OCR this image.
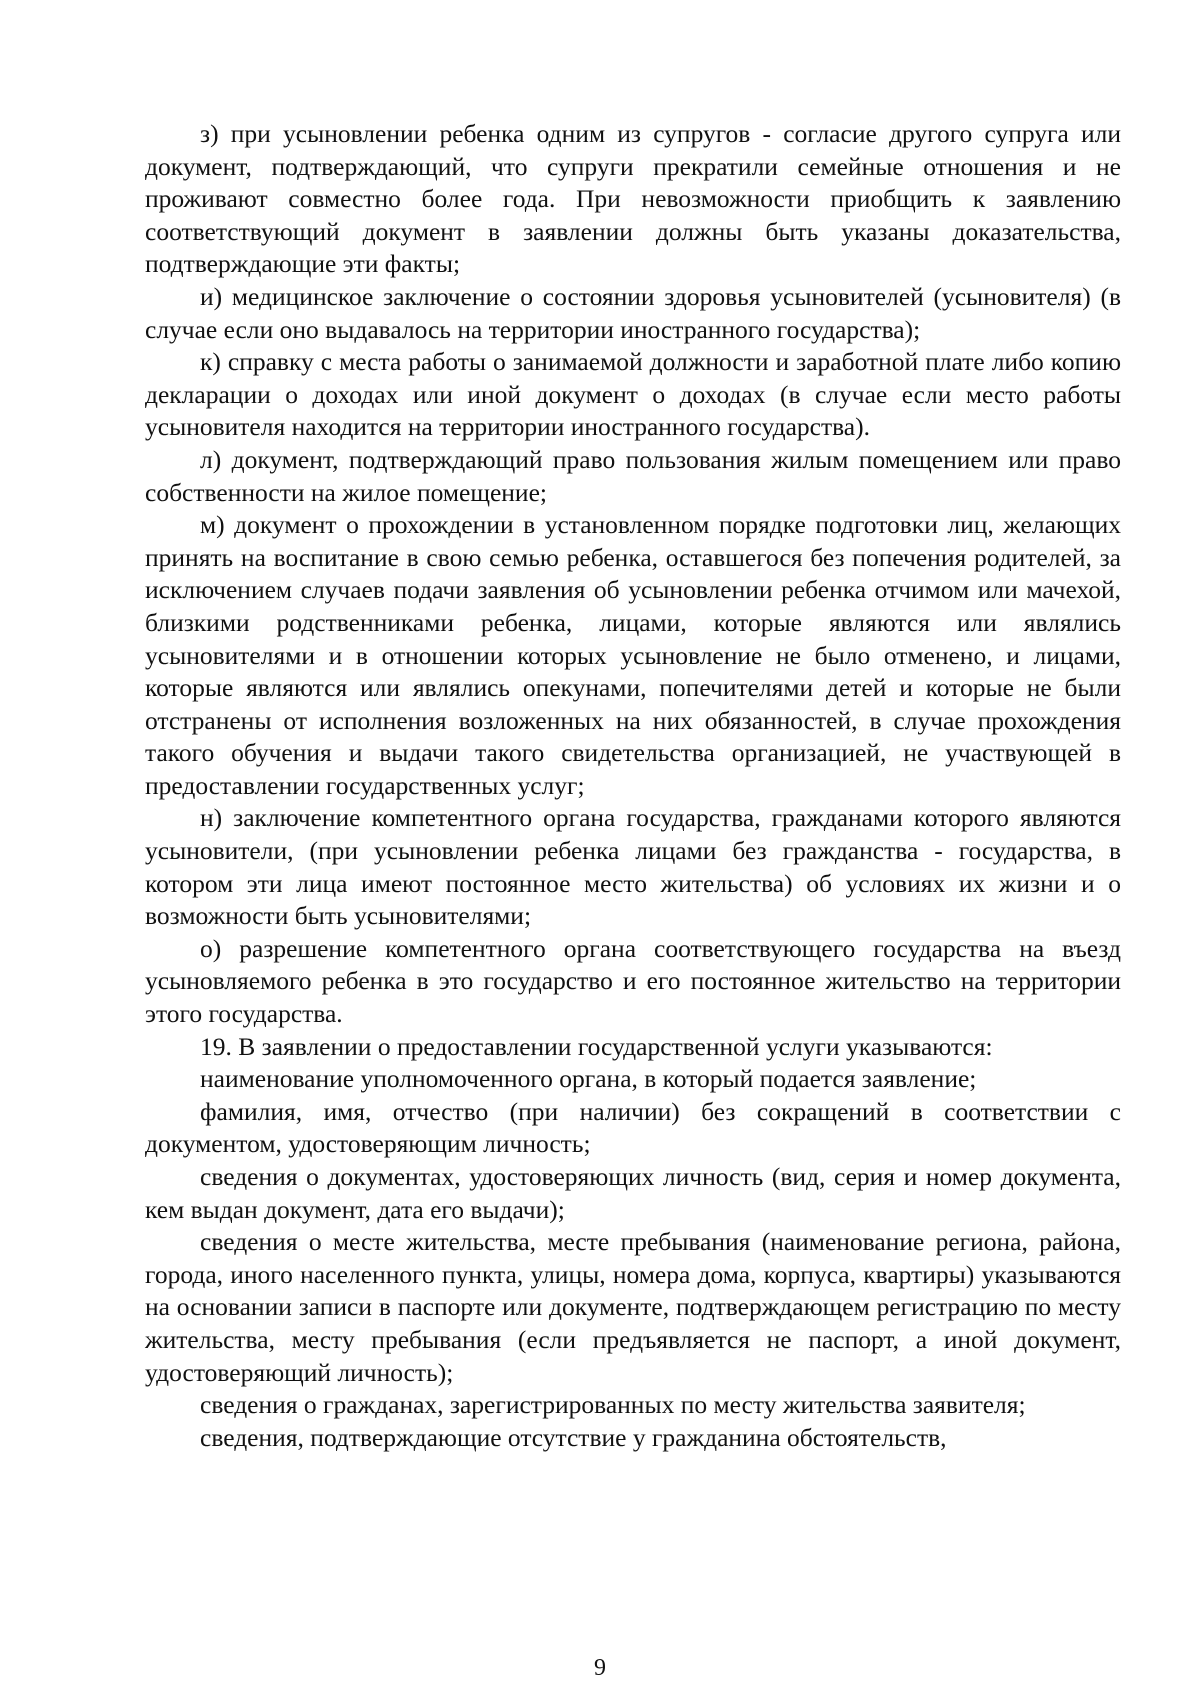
з) при усыновлении ребенка одним из супругов - согласие другого супруга или документ, подтверждающий, что супруги прекратили семейные отношения и не проживают совместно более года. При невозможности приобщить к заявлению соответствующий документ в заявлении должны быть указаны доказательства, подтверждающие эти факты;

и) медицинское заключение о состоянии здоровья усыновителей (усыновителя) (в случае если оно выдавалось на территории иностранного государства);

к) справку с места работы о занимаемой должности и заработной плате либо копию декларации о доходах или иной документ о доходах (в случае если место работы усыновителя находится на территории иностранного государства).

л) документ, подтверждающий право пользования жилым помещением или право собственности на жилое помещение;

м) документ о прохождении в установленном порядке подготовки лиц, желающих принять на воспитание в свою семью ребенка, оставшегося без попечения родителей, за исключением случаев подачи заявления об усыновлении ребенка отчимом или мачехой, близкими родственниками ребенка, лицами, которые являются или являлись усыновителями и в отношении которых усыновление не было отменено, и лицами, которые являются или являлись опекунами, попечителями детей и которые не были отстранены от исполнения возложенных на них обязанностей, в случае прохождения такого обучения и выдачи такого свидетельства организацией, не участвующей в предоставлении государственных услуг;

н) заключение компетентного органа государства, гражданами которого являются усыновители, (при усыновлении ребенка лицами без гражданства - государства, в котором эти лица имеют постоянное место жительства) об условиях их жизни и о возможности быть усыновителями;

о) разрешение компетентного органа соответствующего государства на въезд усыновляемого ребенка в это государство и его постоянное жительство на территории этого государства.

19. В заявлении о предоставлении государственной услуги указываются:

наименование уполномоченного органа, в который подается заявление;

фамилия, имя, отчество (при наличии) без сокращений в соответствии с документом, удостоверяющим личность;

сведения о документах, удостоверяющих личность (вид, серия и номер документа, кем выдан документ, дата его выдачи);

сведения о месте жительства, месте пребывания (наименование региона, района, города, иного населенного пункта, улицы, номера дома, корпуса, квартиры) указываются на основании записи в паспорте или документе, подтверждающем регистрацию по месту жительства, месту пребывания (если предъявляется не паспорт, а иной документ, удостоверяющий личность);

сведения о гражданах, зарегистрированных по месту жительства заявителя;

сведения, подтверждающие отсутствие у гражданина обстоятельств,

9
